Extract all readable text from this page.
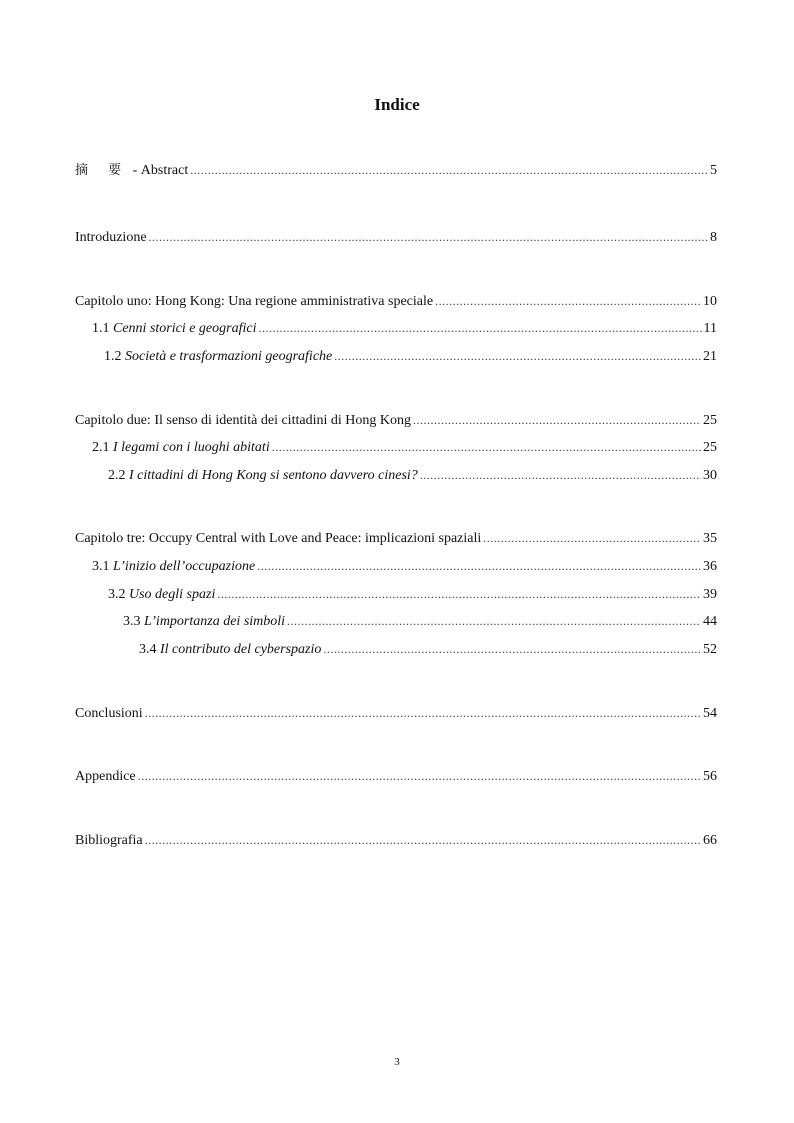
Indice
摘 要 - Abstract .....	5
Introduzione .....	8
Capitolo uno: Hong Kong: Una regione amministrativa speciale .....	10
1.1 Cenni storici e geografici .....	11
1.2 Società e trasformazioni geografiche .....	21
Capitolo due: Il senso di identità dei cittadini di Hong Kong .....	25
2.1 I legami con i luoghi abitati .....	25
2.2 I cittadini di Hong Kong si sentono davvero cinesi? .....	30
Capitolo tre: Occupy Central with Love and Peace: implicazioni spaziali .....	35
3.1 L’inizio dell’occupazione .....	36
3.2 Uso degli spazi .....	39
3.3 L’importanza dei simboli .....	44
3.4 Il contributo del cyberspazio .....	52
Conclusioni .....	54
Appendice .....	56
Bibliografia .....	66
3
